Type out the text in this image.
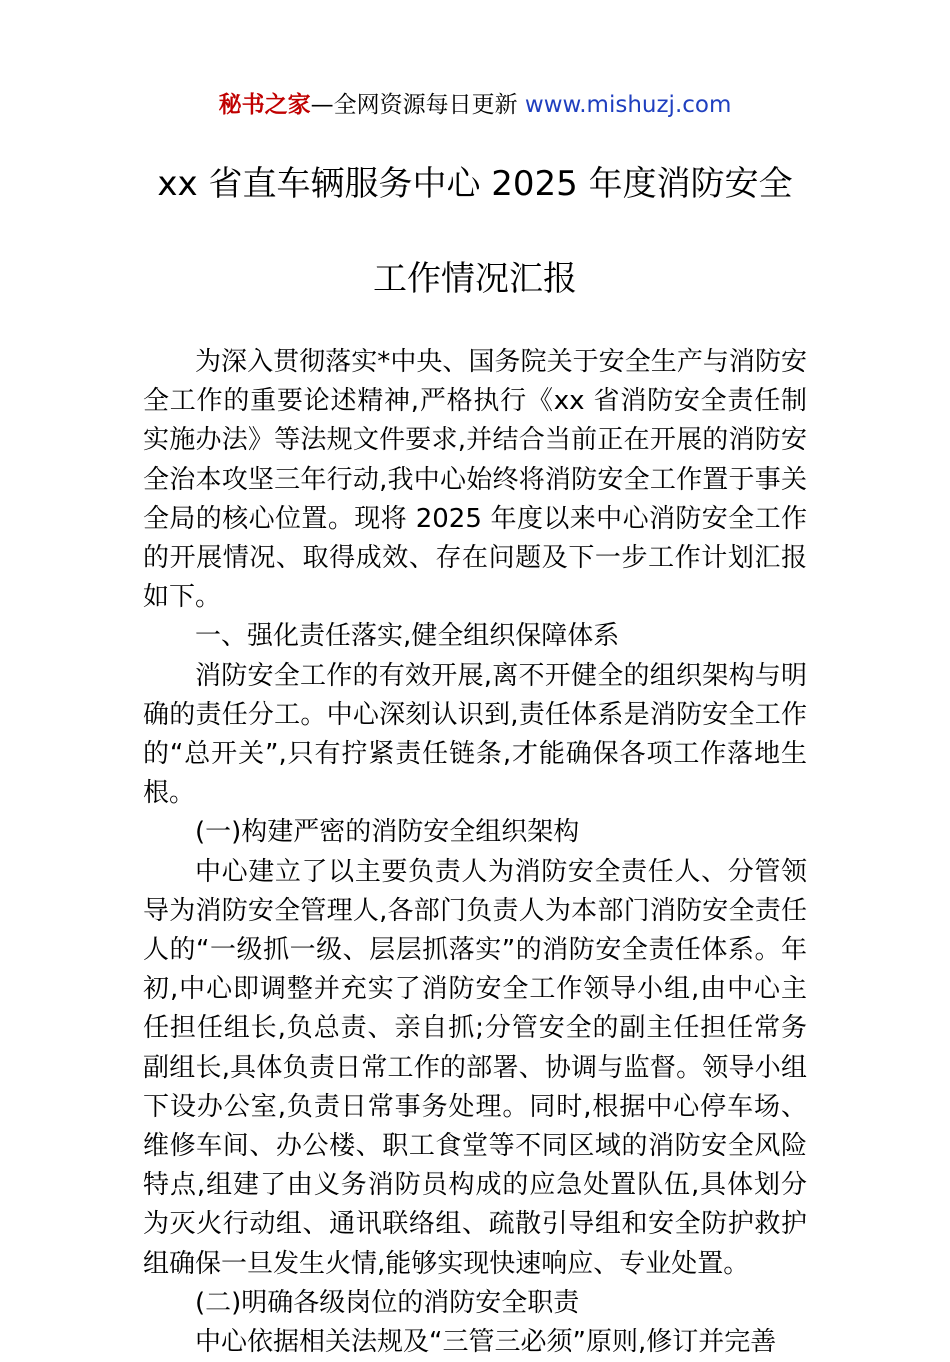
秘书之家—全网资源每日更新 www.mishuzj.com
xx 省直车辆服务中心 2025 年度消防安全
工作情况汇报

为深入贯彻落实*中央、国务院关于安全生产与消防安全工作的重要论述精神,严格执行《xx 省消防安全责任制实施办法》等法规文件要求,并结合当前正在开展的消防安全治本攻坚三年行动,我中心始终将消防安全工作置于事关全局的核心位置。现将 2025 年度以来中心消防安全工作的开展情况、取得成效、存在问题及下一步工作计划汇报如下。

一、强化责任落实,健全组织保障体系

消防安全工作的有效开展,离不开健全的组织架构与明确的责任分工。中心深刻认识到,责任体系是消防安全工作的“总开关”,只有拧紧责任链条,才能确保各项工作落地生根。

(一)构建严密的消防安全组织架构

中心建立了以主要负责人为消防安全责任人、分管领导为消防安全管理人,各部门负责人为本部门消防安全责任人的“一级抓一级、层层抓落实”的消防安全责任体系。年初,中心即调整并充实了消防安全工作领导小组,由中心主任担任组长,负总责、亲自抓;分管安全的副主任担任常务副组长,具体负责日常工作的部署、协调与监督。领导小组下设办公室,负责日常事务处理。同时,根据中心停车场、维修车间、办公楼、职工食堂等不同区域的消防安全风险特点,组建了由义务消防员构成的应急处置队伍,具体划分为灭火行动组、通讯联络组、疏散引导组和安全防护救护组确保一旦发生火情,能够实现快速响应、专业处置。

(二)明确各级岗位的消防安全职责

中心依据相关法规及“三管三必须”原则,修订并完善
